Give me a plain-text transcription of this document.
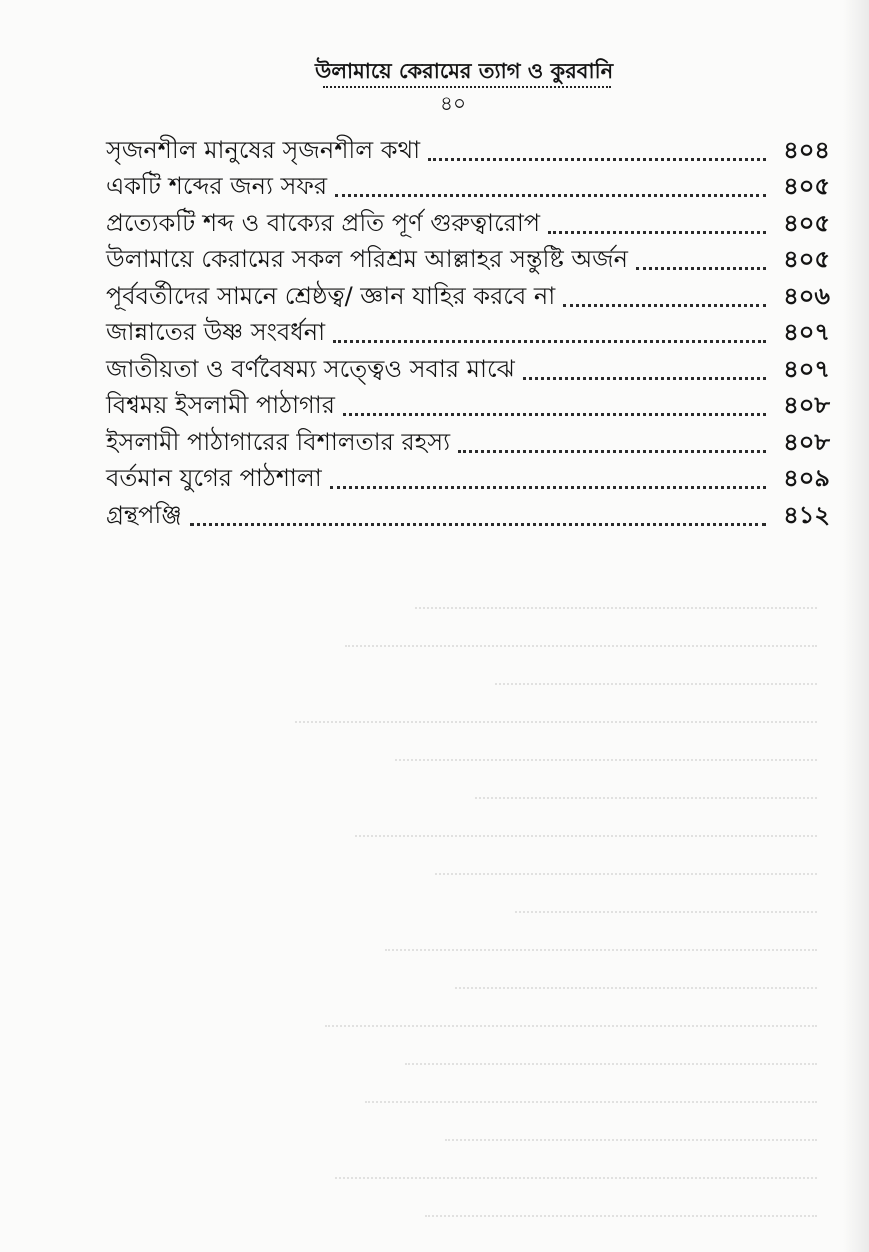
উলামায়ে কেরামের ত্যাগ ও কুরবানি
৪০
সৃজনশীল মানুষের সৃজনশীল কথা	৪০৪
একটি শব্দের জন্য সফর	৪০৫
প্রত্যেকটি শব্দ ও বাক্যের প্রতি পূর্ণ গুরুত্বারোপ	৪০৫
উলামায়ে কেরামের সকল পরিশ্রম আল্লাহর সন্তুষ্টি অর্জন	৪০৫
পূর্ববর্তীদের সামনে শ্রেষ্ঠত্ব/ জ্ঞান যাহির করবে না	৪০৬
জান্নাতের উষ্ণ সংবর্ধনা	৪০৭
জাতীয়তা ও বর্ণবৈষম্য সত্ত্বেও সবার মাঝে	৪০৭
বিশ্বময় ইসলামী পাঠাগার	৪০৮
ইসলামী পাঠাগারের বিশালতার রহস্য	৪০৮
বর্তমান যুগের পাঠশালা	৪০৯
গ্রন্থপঞ্জি	৪১২
